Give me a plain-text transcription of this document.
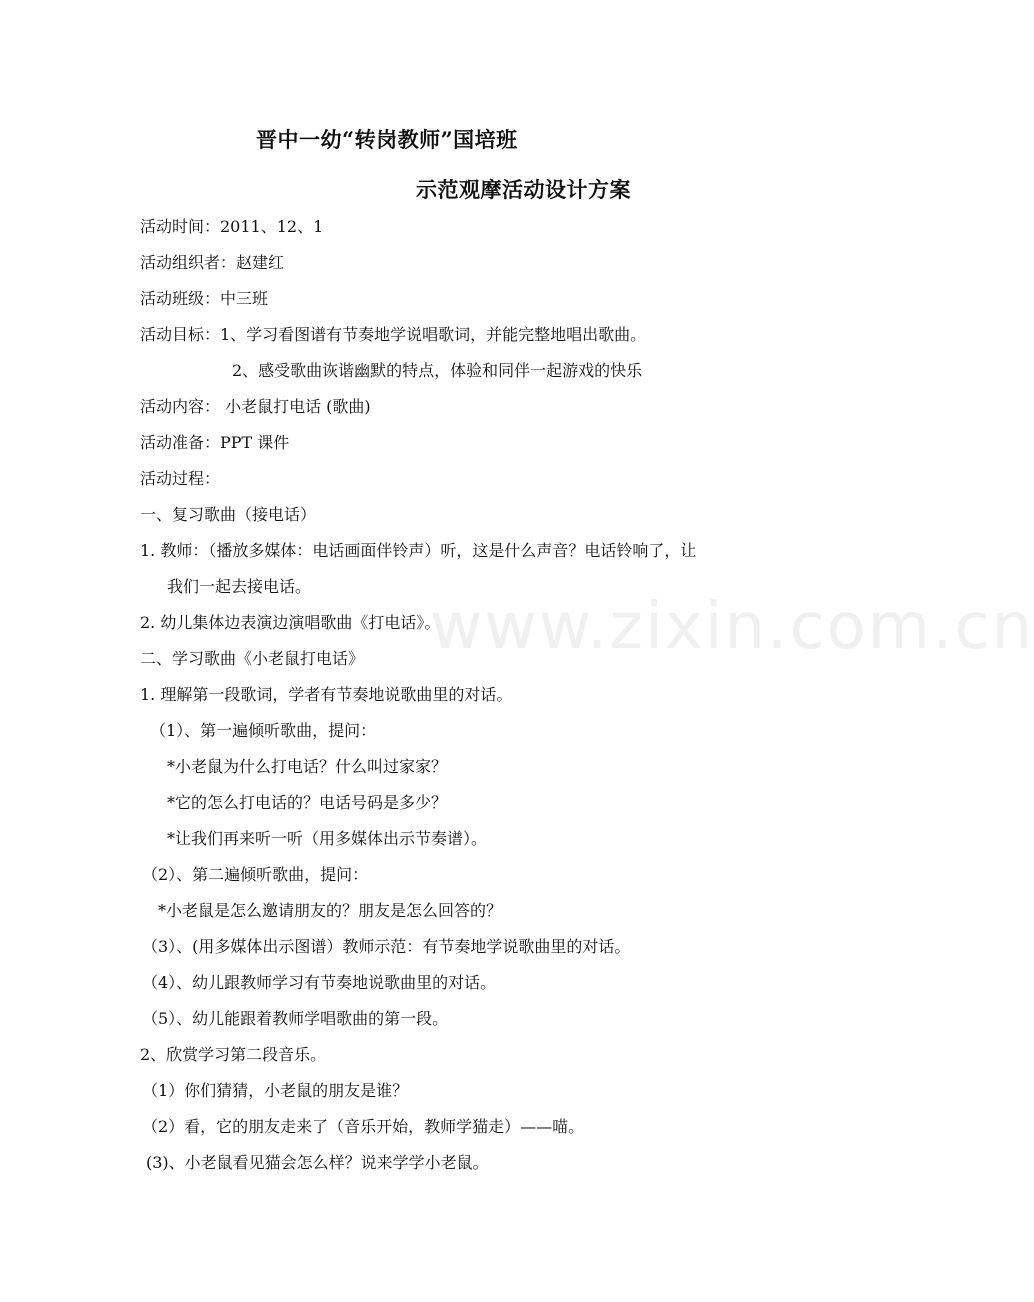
晋中一幼“转岗教师”国培班
示范观摩活动设计方案
活动时间：2011、12、1
活动组织者：赵建红
活动班级：中三班
活动目标：1、学习看图谱有节奏地学说唱歌词，并能完整地唱出歌曲。
2、感受歌曲诙谐幽默的特点，体验和同伴一起游戏的快乐
活动内容： 小老鼠打电话 (歌曲)
活动准备：PPT 课件
活动过程：
一、复习歌曲（接电话）
1. 教师：（播放多媒体：电话画面伴铃声）听，这是什么声音？电话铃响了，让
我们一起去接电话。
2. 幼儿集体边表演边演唱歌曲《打电话》。
二、学习歌曲《小老鼠打电话》
1. 理解第一段歌词，学者有节奏地说歌曲里的对话。
（1）、第一遍倾听歌曲，提问：
*小老鼠为什么打电话？什么叫过家家？
*它的怎么打电话的？电话号码是多少？
*让我们再来听一听（用多媒体出示节奏谱）。
（2）、第二遍倾听歌曲，提问：
*小老鼠是怎么邀请朋友的？朋友是怎么回答的？
（3）、(用多媒体出示图谱）教师示范：有节奏地学说歌曲里的对话。
（4）、幼儿跟教师学习有节奏地说歌曲里的对话。
（5）、幼儿能跟着教师学唱歌曲的第一段。
2、欣赏学习第二段音乐。
（1）你们猜猜，小老鼠的朋友是谁？
（2）看，它的朋友走来了（音乐开始，教师学猫走）——喵。
(3)、小老鼠看见猫会怎么样？说来学学小老鼠。
www.zixin.com.cn
